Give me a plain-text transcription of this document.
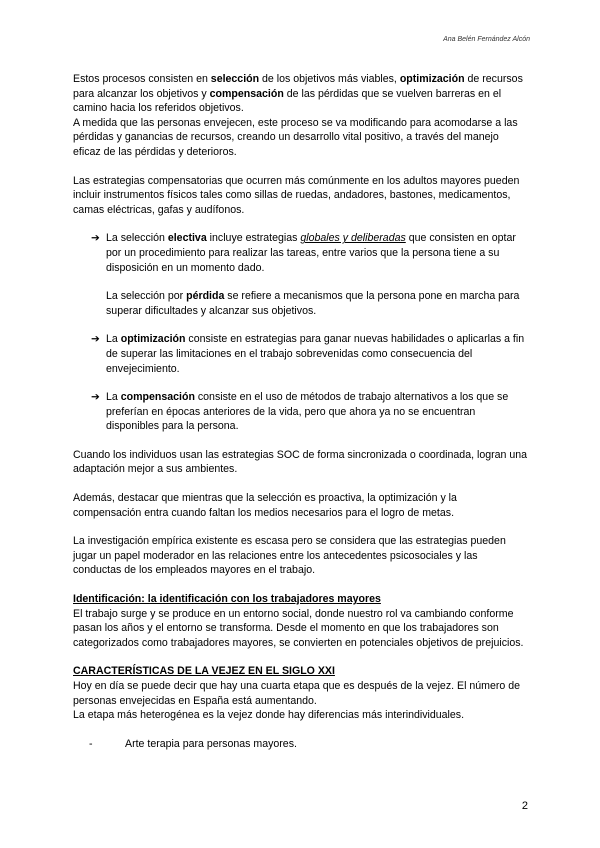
Ana Belén Fernández Alcón

Estos procesos consisten en selección de los objetivos más viables, optimización de recursos para alcanzar los objetivos y compensación de las pérdidas que se vuelven barreras en el camino hacia los referidos objetivos.

A medida que las personas envejecen, este proceso se va modificando para acomodarse a las pérdidas y ganancias de recursos, creando un desarrollo vital positivo, a través del manejo eficaz de las pérdidas y deterioros.

Las estrategias compensatorias que ocurren más comúnmente en los adultos mayores pueden incluir instrumentos físicos tales como sillas de ruedas, andadores, bastones, medicamentos, camas eléctricas, gafas y audífonos.

➔ La selección electiva incluye estrategias globales y deliberadas que consisten en optar por un procedimiento para realizar las tareas, entre varios que la persona tiene a su disposición en un momento dado.
La selección por pérdida se refiere a mecanismos que la persona pone en marcha para superar dificultades y alcanzar sus objetivos.
➔ La optimización consiste en estrategias para ganar nuevas habilidades o aplicarlas a fin de superar las limitaciones en el trabajo sobrevenidas como consecuencia del envejecimiento.
➔ La compensación consiste en el uso de métodos de trabajo alternativos a los que se preferían en épocas anteriores de la vida, pero que ahora ya no se encuentran disponibles para la persona.

Cuando los individuos usan las estrategias SOC de forma sincronizada o coordinada, logran una adaptación mejor a sus ambientes.

Además, destacar que mientras que la selección es proactiva, la optimización y la compensación entra cuando faltan los medios necesarios para el logro de metas.

La investigación empírica existente es escasa pero se considera que las estrategias pueden jugar un papel moderador en las relaciones entre los antecedentes psicosociales y las conductas de los empleados mayores en el trabajo.

Identificación: la identificación con los trabajadores mayores

El trabajo surge y se produce en un entorno social, donde nuestro rol va cambiando conforme pasan los años y el entorno se transforma. Desde el momento en que los trabajadores son categorizados como trabajadores mayores, se convierten en potenciales objetivos de prejuicios.

CARACTERÍSTICAS DE LA VEJEZ EN EL SIGLO XXI

Hoy en día se puede decir que hay una cuarta etapa que es después de la vejez. El número de personas envejecidas en España está aumentando.

La etapa más heterogénea es la vejez donde hay diferencias más interindividuales.

-	Arte terapia para personas mayores.
2
